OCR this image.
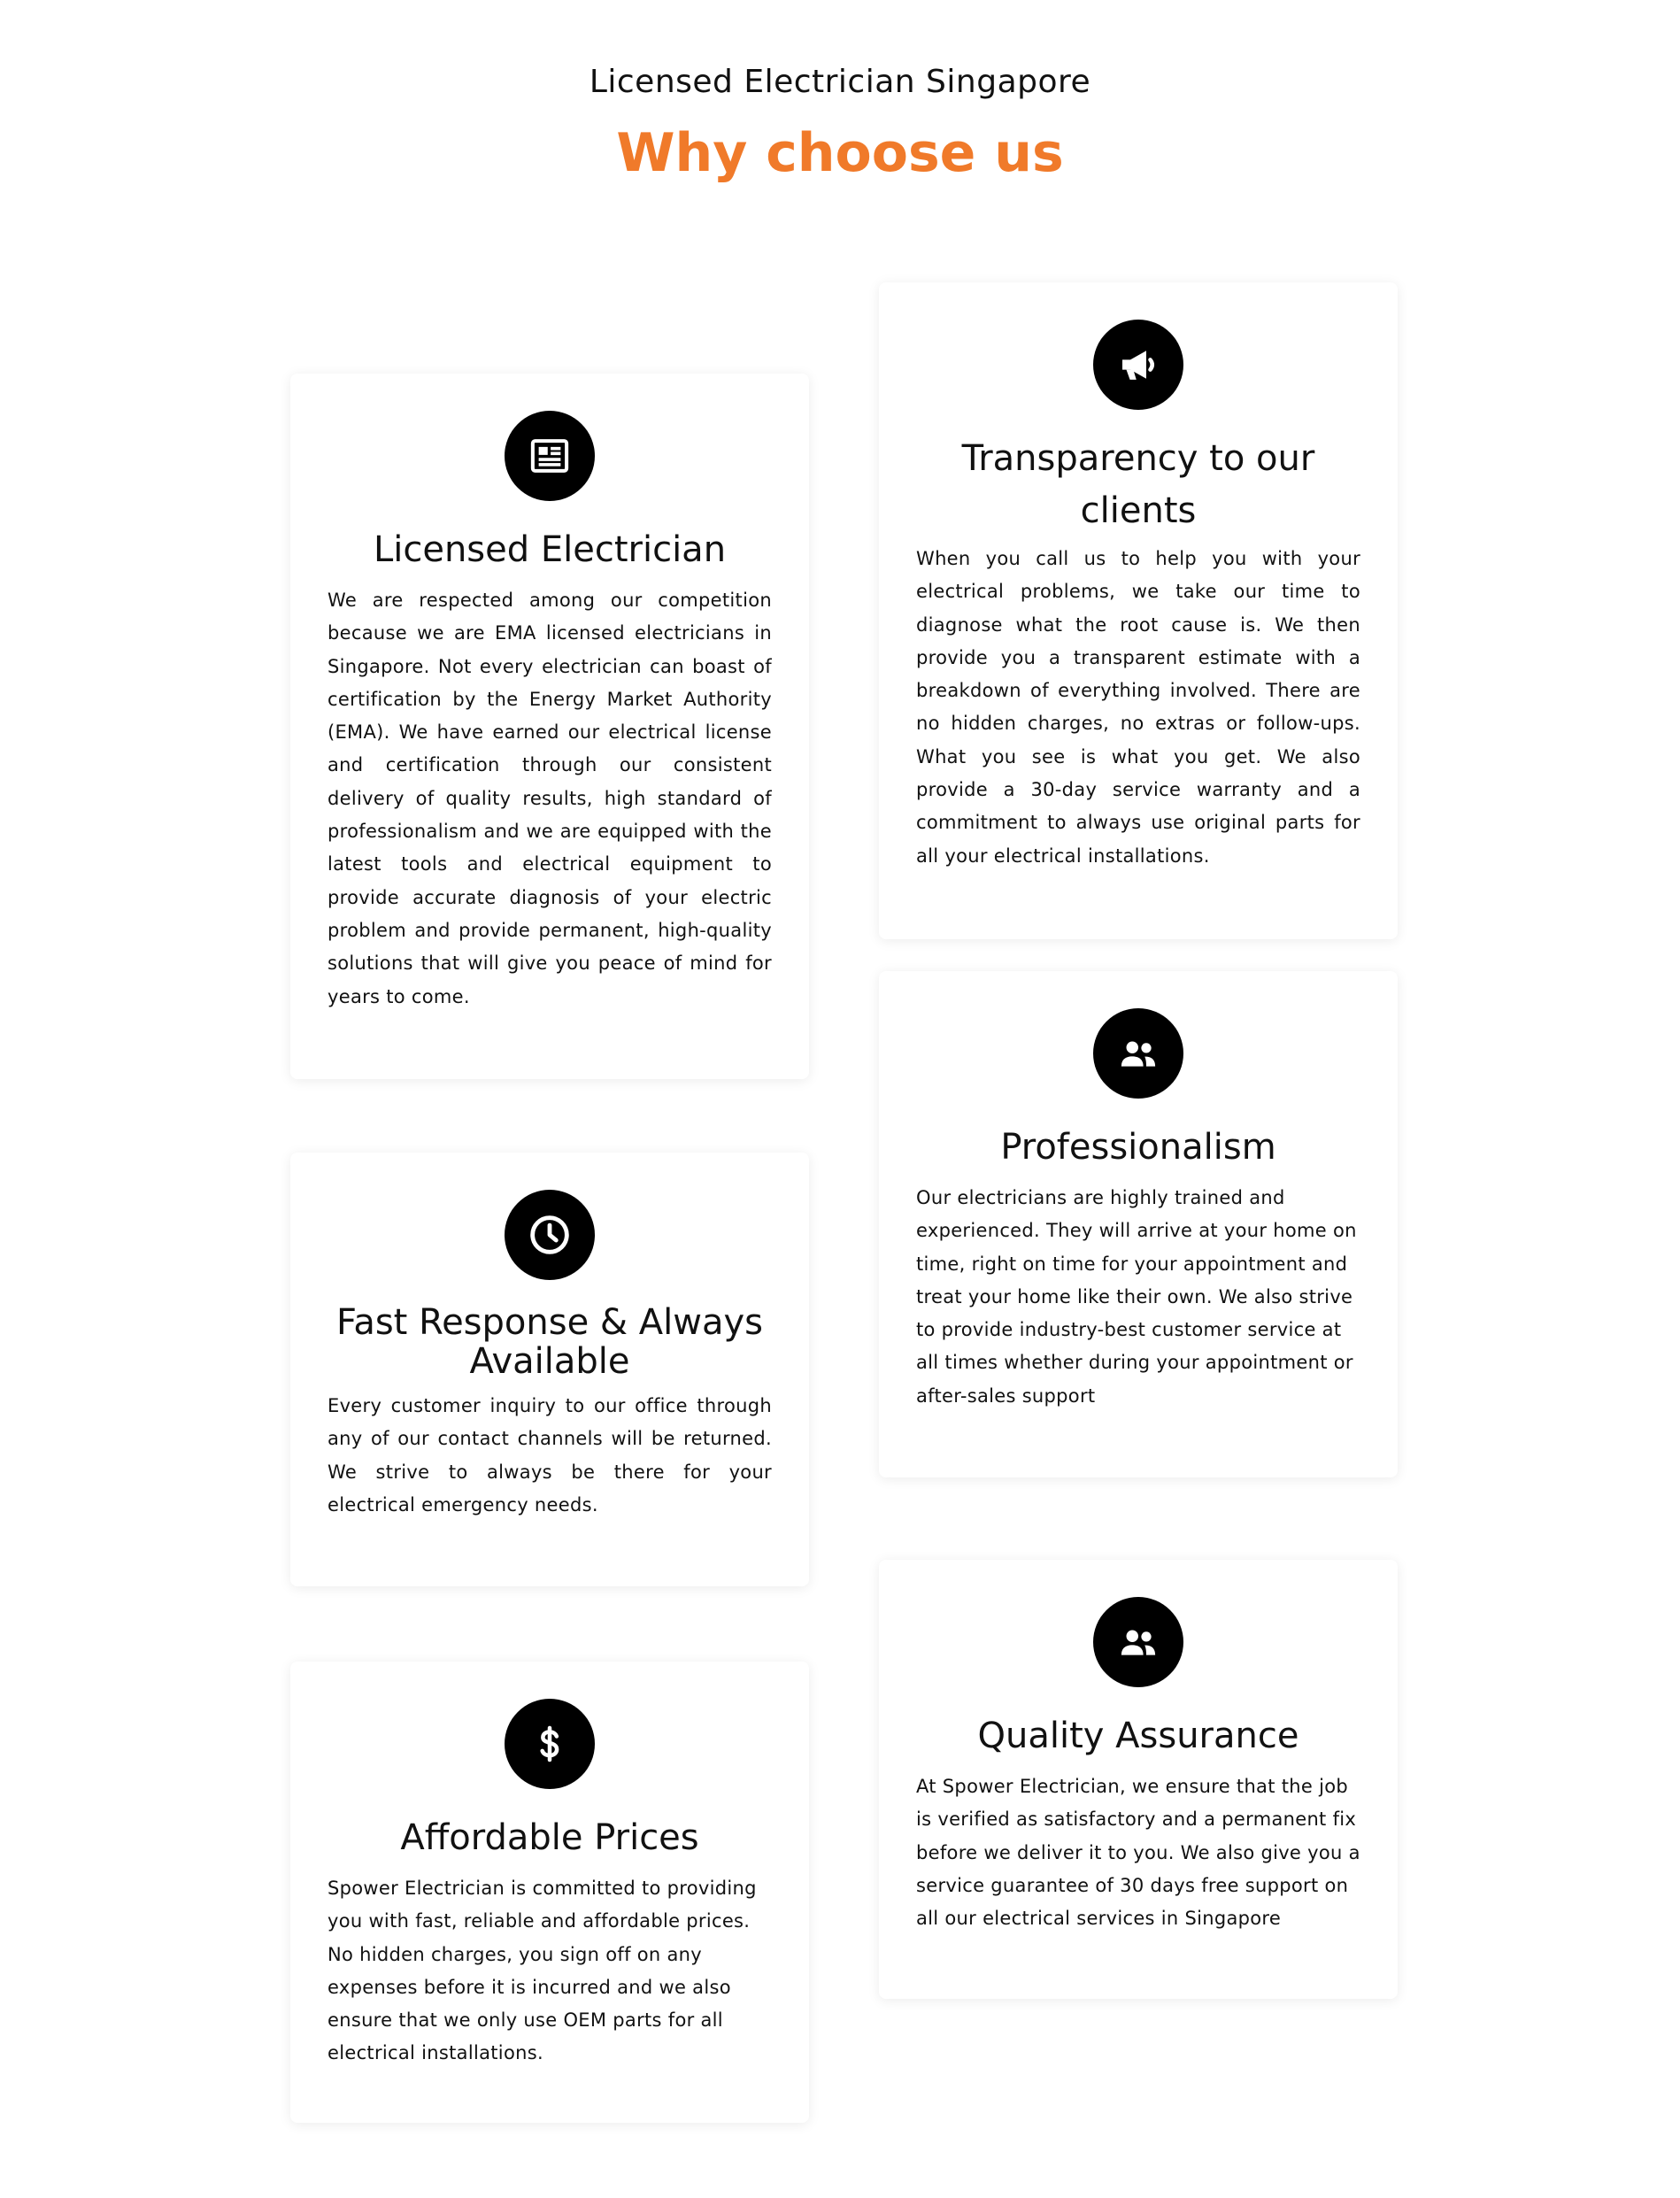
Licensed Electrician Singapore
Why choose us
Licensed Electrician
We are respected among our competition because we are EMA licensed electricians in Singapore. Not every electrician can boast of certification by the Energy Market Authority (EMA). We have earned our electrical license and certification through our consistent delivery of quality results, high standard of professionalism and we are equipped with the latest tools and electrical equipment to provide accurate diagnosis of your electric problem and provide permanent, high-quality solutions that will give you peace of mind for years to come.
Transparency to our clients
When you call us to help you with your electrical problems, we take our time to diagnose what the root cause is. We then provide you a transparent estimate with a breakdown of everything involved. There are no hidden charges, no extras or follow-ups. What you see is what you get. We also provide a 30-day service warranty and a commitment to always use original parts for all your electrical installations.
Professionalism
Our electricians are highly trained and experienced. They will arrive at your home on time, right on time for your appointment and treat your home like their own. We also strive to provide industry-best customer service at all times whether during your appointment or after-sales support
Fast Response & Always Available
Every customer inquiry to our office through any of our contact channels will be returned. We strive to always be there for your electrical emergency needs.
Quality Assurance
At Spower Electrician, we ensure that the job is verified as satisfactory and a permanent fix before we deliver it to you. We also give you a service guarantee of 30 days free support on all our electrical services in Singapore
Affordable Prices
Spower Electrician is committed to providing you with fast, reliable and affordable prices. No hidden charges, you sign off on any expenses before it is incurred and we also ensure that we only use OEM parts for all electrical installations.
